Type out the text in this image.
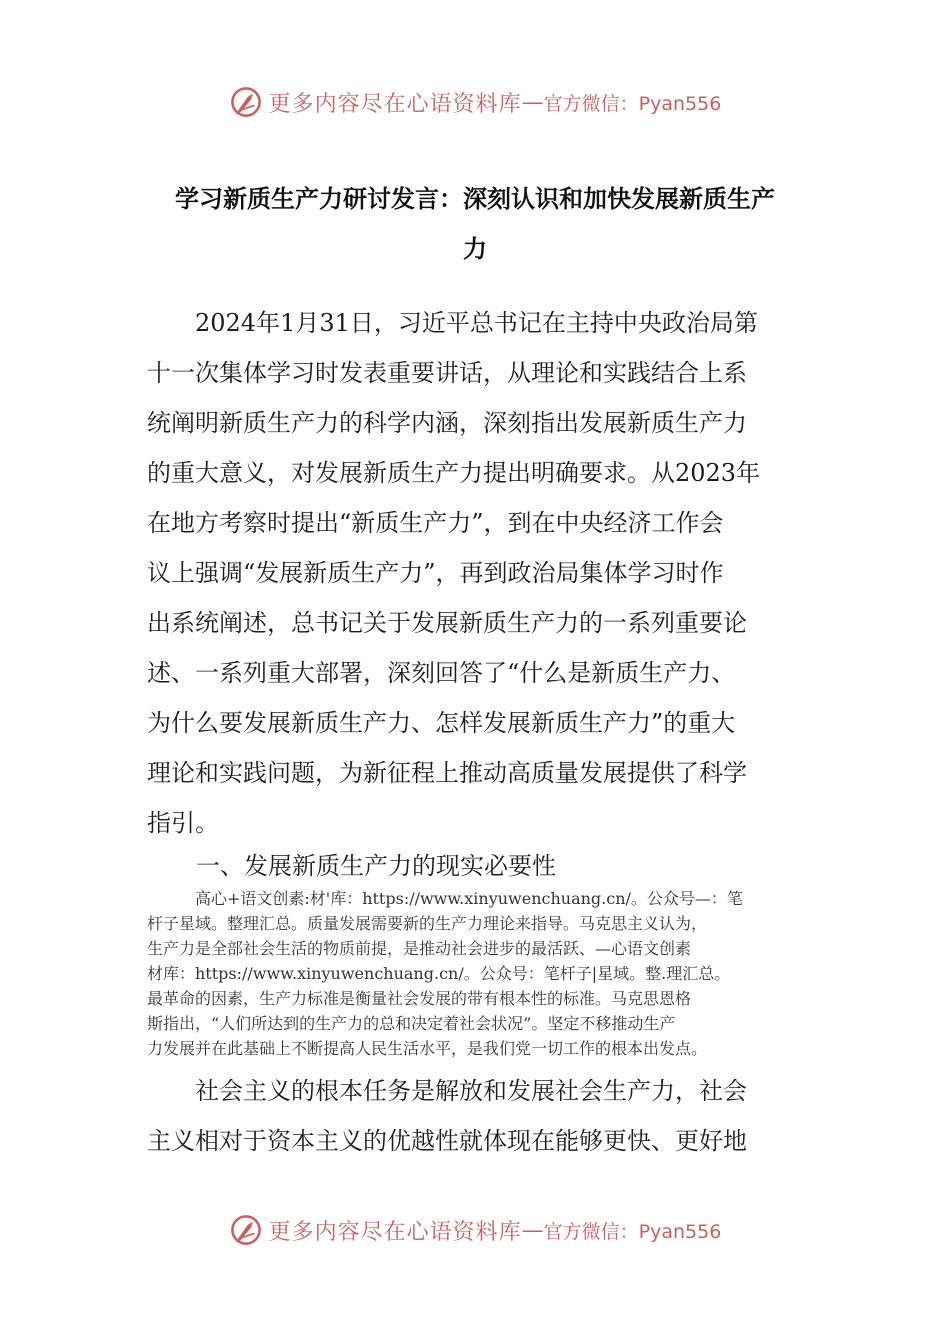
更多内容尽在心语资料库 — 官方微信：Pyan556
学习新质生产力研讨发言：深刻认识和加快发展新质生产
力
2024年1月31日，习近平总书记在主持中央政治局第
十一次集体学习时发表重要讲话，从理论和实践结合上系
统阐明新质生产力的科学内涵，深刻指出发展新质生产力
的重大意义，对发展新质生产力提出明确要求。从2023年
在地方考察时提出“新质生产力”，到在中央经济工作会
议上强调“发展新质生产力”，再到政治局集体学习时作
出系统阐述，总书记关于发展新质生产力的一系列重要论
述、一系列重大部署，深刻回答了“什么是新质生产力、
为什么要发展新质生产力、怎样发展新质生产力”的重大
理论和实践问题，为新征程上推动高质量发展提供了科学
指引。
一、发展新质生产力的现实必要性
高心+语文创素:材'库：https://www.xinyuwenchuang.cn/。公众号—：笔
杆子星域。整理汇总。质量发展需要新的生产力理论来指导。马克思主义认为，
生产力是全部社会生活的物质前提，是推动社会进步的最活跃、—心语文创素
材库：https://www.xinyuwenchuang.cn/。公众号：笔杆子|星域。整.理汇总。
最革命的因素，生产力标准是衡量社会发展的带有根本性的标准。马克思恩格
斯指出，“人们所达到的生产力的总和决定着社会状况”。坚定不移推动生产
力发展并在此基础上不断提高人民生活水平，是我们党一切工作的根本出发点。
社会主义的根本任务是解放和发展社会生产力，社会
主义相对于资本主义的优越性就体现在能够更快、更好地
更多内容尽在心语资料库 — 官方微信：Pyan556
